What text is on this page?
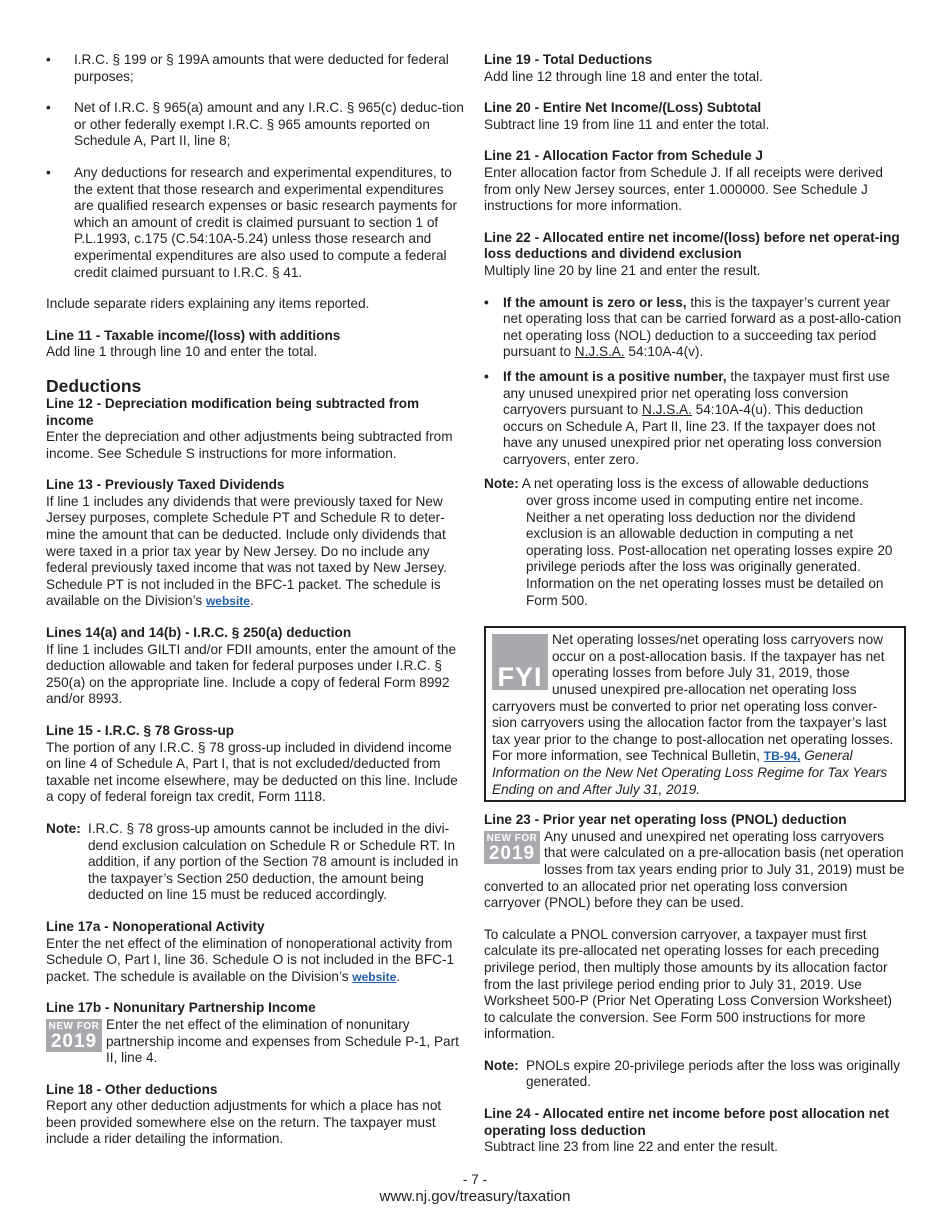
•	I.R.C. § 199 or § 199A amounts that were deducted for federal purposes;
•	Net of I.R.C. § 965(a) amount and any I.R.C. § 965(c) deduc-tion or other federally exempt I.R.C. § 965 amounts reported on Schedule A, Part II, line 8;
•	Any deductions for research and experimental expenditures, to the extent that those research and experimental expenditures are qualified research expenses or basic research payments for which an amount of credit is claimed pursuant to section 1 of P.L.1993, c.175 (C.54:10A-5.24) unless those research and experimental expenditures are also used to compute a federal credit claimed pursuant to I.R.C. § 41.

Include separate riders explaining any items reported.

Line 11 - Taxable income/(loss) with additions

Add line 1 through line 10 and enter the total.

Deductions

Line 12 - Depreciation modification being subtracted from income

Enter the depreciation and other adjustments being subtracted from income. See Schedule S instructions for more information.

Line 13 - Previously Taxed Dividends

If line 1 includes any dividends that were previously taxed for New Jersey purposes, complete Schedule PT and Schedule R to deter-mine the amount that can be deducted. Include only dividends that were taxed in a prior tax year by New Jersey. Do no include any federal previously taxed income that was not taxed by New Jersey. Schedule PT is not included in the BFC-1 packet. The schedule is available on the Division’s website.

Lines 14(a) and 14(b) - I.R.C. § 250(a) deduction

If line 1 includes GILTI and/or FDII amounts, enter the amount of the deduction allowable and taken for federal purposes under I.R.C. § 250(a) on the appropriate line. Include a copy of federal Form 8992 and/or 8993.

Line 15 - I.R.C. § 78 Gross-up

The portion of any I.R.C. § 78 gross-up included in dividend income on line 4 of Schedule A, Part I, that is not excluded/deducted from taxable net income elsewhere, may be deducted on this line. Include a copy of federal foreign tax credit, Form 1118.

Note: I.R.C. § 78 gross-up amounts cannot be included in the divi-dend exclusion calculation on Schedule R or Schedule RT. In addition, if any portion of the Section 78 amount is included in the taxpayer’s Section 250 deduction, the amount being deducted on line 15 must be reduced accordingly.

Line 17a - Nonoperational Activity

Enter the net effect of the elimination of nonoperational activity from Schedule O, Part I, line 36. Schedule O is not included in the BFC-1 packet. The schedule is available on the Division’s website.

Line 17b - Nonunitary Partnership Income

NEW FOR
2019

Enter the net effect of the elimination of nonunitary partnership income and expenses from Schedule P-1, Part II, line 4.

Line 18 - Other deductions

Report any other deduction adjustments for which a place has not been provided somewhere else on the return. The taxpayer must include a rider detailing the information.

Line 19 - Total Deductions

Add line 12 through line 18 and enter the total.

Line 20 - Entire Net Income/(Loss) Subtotal

Subtract line 19 from line 11 and enter the total.

Line 21 - Allocation Factor from Schedule J

Enter allocation factor from Schedule J. If all receipts were derived from only New Jersey sources, enter 1.000000. See Schedule J instructions for more information.

Line 22 - Allocated entire net income/(loss) before net operat-ing loss deductions and dividend exclusion

Multiply line 20 by line 21 and enter the result.

•	If the amount is zero or less, this is the taxpayer’s current year net operating loss that can be carried forward as a post-allo-cation net operating loss (NOL) deduction to a succeeding tax period pursuant to N.J.S.A. 54:10A-4(v).
•	If the amount is a positive number, the taxpayer must first use any unused unexpired prior net operating loss conversion carryovers pursuant to N.J.S.A. 54:10A-4(u). This deduction occurs on Schedule A, Part II, line 23. If the taxpayer does not have any unused unexpired prior net operating loss conversion carryovers, enter zero.

Note: A net operating loss is the excess of allowable deductions

over gross income used in computing entire net income. Neither a net operating loss deduction nor the dividend exclusion is an allowable deduction in computing a net operating loss. Post-allocation net operating losses expire 20 privilege periods after the loss was originally generated. Information on the net operating losses must be detailed on Form 500.

FYI

Net operating losses/net operating loss carryovers now occur on a post-allocation basis. If the taxpayer has net operating losses from before July 31, 2019, those unused unexpired pre-allocation net operating loss carryovers must be converted to prior net operating loss conver-sion carryovers using the allocation factor from the taxpayer’s last tax year prior to the change to post-allocation net operating losses. For more information, see Technical Bulletin, TB-94, General Information on the New Net Operating Loss Regime for Tax Years Ending on and After July 31, 2019.

Line 23 - Prior year net operating loss (PNOL) deduction

NEW FOR
2019

Any unused and unexpired net operating loss carryovers that were calculated on a pre-allocation basis (net operation losses from tax years ending prior to July 31, 2019) must be converted to an allocated prior net operating loss conversion carryover (PNOL) before they can be used.

To calculate a PNOL conversion carryover, a taxpayer must first calculate its pre-allocated net operating losses for each preceding privilege period, then multiply those amounts by its allocation factor from the last privilege period ending prior to July 31, 2019. Use Worksheet 500-P (Prior Net Operating Loss Conversion Worksheet) to calculate the conversion. See Form 500 instructions for more information.

Note: PNOLs expire 20-privilege periods after the loss was originally generated.

Line 24 - Allocated entire net income before post allocation net operating loss deduction

Subtract line 23 from line 22 and enter the result.

- 7 -
www.nj.gov/treasury/taxation
